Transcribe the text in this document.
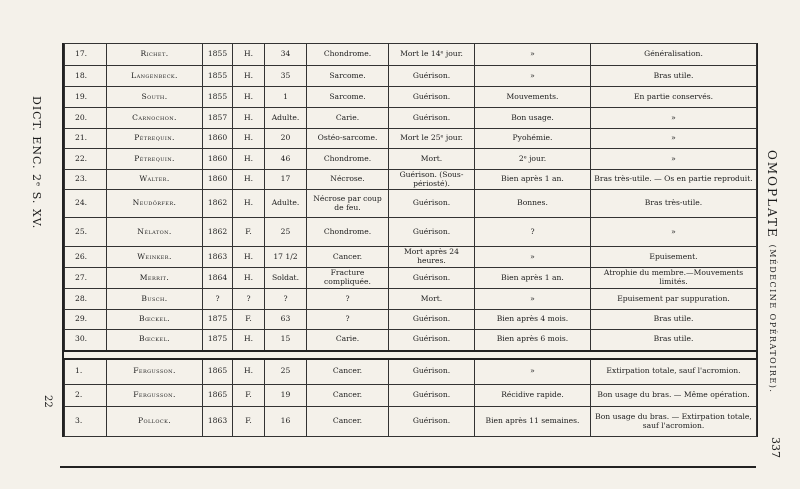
DICT. ENC. 2ᵉ S. XV.	OMOPLATE (MÉDECINE OPÉRATOIRE).
22
337
17.	Richet.	1855	H.	34	Chondrome.	Mort le 14ᵉ jour.	»	Généralisation.
18.	Langenbeck.	1855	H.	35	Sarcome.	Guérison.	»	Bras utile.
19.	South.	1855	H.	1	Sarcome.	Guérison.	Mouvements.	En partie conservés.
20.	Carnochon.	1857	H.	Adulte.	Carie.	Guérison.	Bon usage.	»
21.	Pétrequin.	1860	H.	20	Ostéo-sarcome.	Mort le 25ᵉ jour.	Pyohémie.	»
22.	Pétrequin.	1860	H.	46	Chondrome.	Mort.	2ᵉ jour.	»
23.	Walter.	1860	H.	17	Nécrose.	Guérison. (Sous-périosté).	Bien après 1 an.	Bras très-utile. — Os en partie reproduit.
24.	Neudörfer.	1862	H.	Adulte.	Nécrose par coup de feu.	Guérison.	Bonnes.	Bras très-utile.
25.	Nélaton.	1862	F.	25	Chondrome.	Guérison.	?	»
26.	Weinker.	1863	H.	17 1/2	Cancer.	Mort après 24 heures.	»	Epuisement.
27.	Merrit.	1864	H.	Soldat.	Fracture compliquée.	Guérison.	Bien après 1 an.	Atrophie du membre.—Mouvements limités.
28.	Busch.	?	?	?	?	Mort.	»	Epuisement par suppuration.
29.	Bœckel.	1875	F.	63	?	Guérison.	Bien après 4 mois.	Bras utile.
30.	Bœckel.	1875	H.	15	Carie.	Guérison.	Bien après 6 mois.	Bras utile.

1.	Fergusson.	1865	H.	25	Cancer.	Guérison.	»	Extirpation totale, sauf l'acromion.
2.	Fergusson.	1865	F.	19	Cancer.	Guérison.	Récidive rapide.	Bon usage du bras. — Même opération.
3.	Pollock.	1863	F.	16	Cancer.	Guérison.	Bien après 11 semaines.	Bon usage du bras. — Extirpation totale, sauf l'acromion.
